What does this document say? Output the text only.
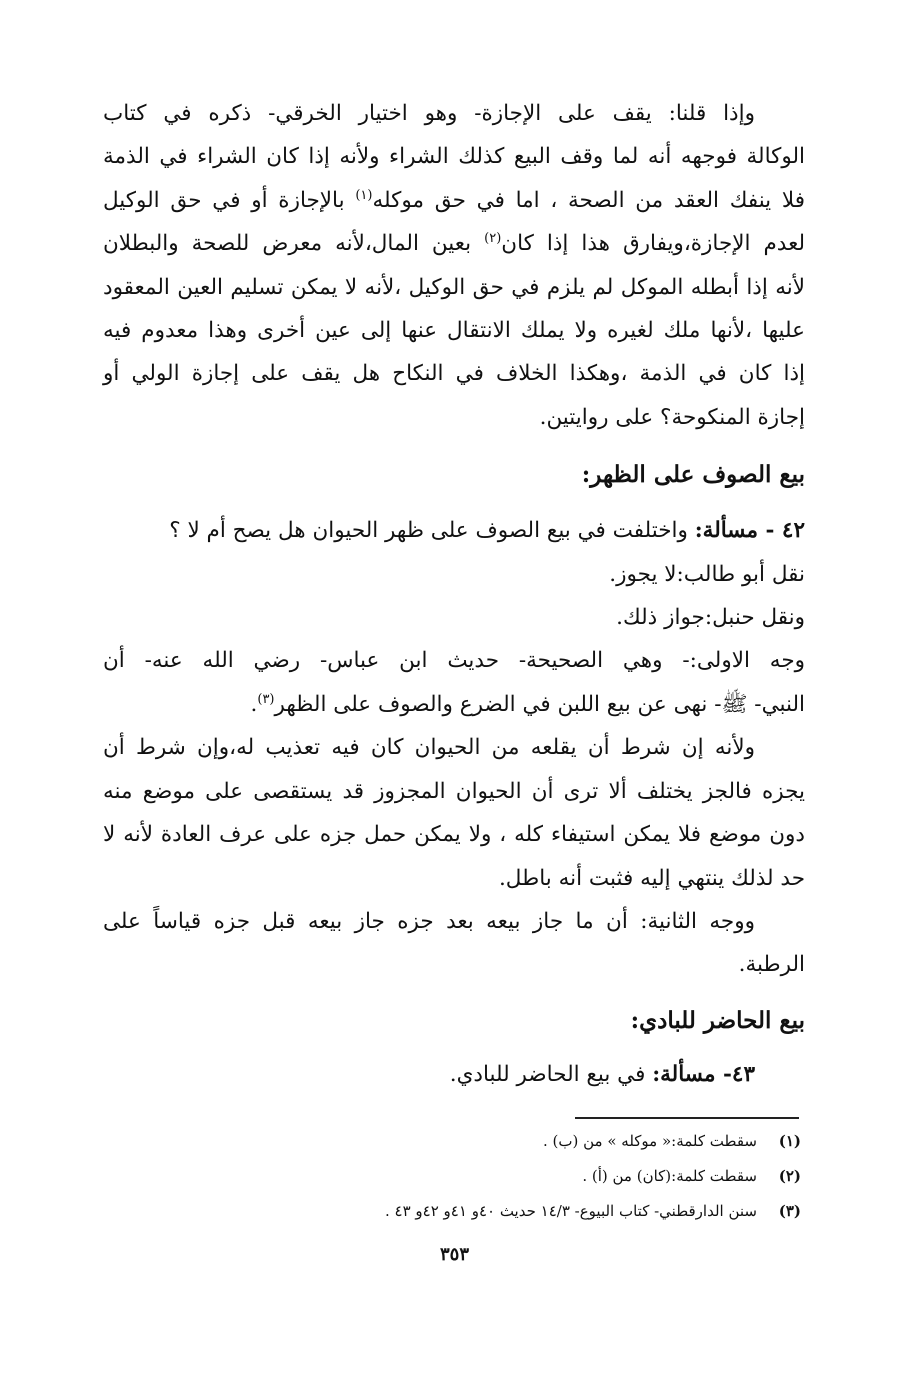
وإذا قلنا: يقف على الإجازة- وهو اختيار الخرقي- ذكره في كتاب
الوكالة فوجهه أنه لما وقف البيع كذلك الشراء ولأنه إذا كان الشراء في الذمة
فلا ينفك العقد من الصحة ، اما في حق موكله$^{(١)}$ بالإجازة أو في حق الوكيل
لعدم الإجازة،ويفارق هذا إذا كان$^{(٢)}$ بعين المال،لأنه معرض للصحة والبطلان
لأنه إذا أبطله الموكل لم يلزم في حق الوكيل ،لأنه لا يمكن تسليم العين المعقود
عليها ،لأنها ملك لغيره ولا يملك الانتقال عنها إلى عين أخرى وهذا معدوم فيه
إذا كان في الذمة ،وهكذا الخلاف في النكاح هل يقف على إجازة الولي أو
إجازة المنكوحة؟ على روايتين.

بيع الصوف على الظهر:

٤٢ - مسألة: واختلفت في بيع الصوف على ظهر الحيوان هل يصح أم لا ؟

نقل أبو طالب:لا يجوز.

ونقل حنبل:جواز ذلك.

وجه الاولى:- وهي الصحيحة- حديث ابن عباس- رضي الله عنه- أن
النبي- ﷺ- نهى عن بيع اللبن في الضرع والصوف على الظهر$^{(٣)}$.

ولأنه إن شرط أن يقلعه من الحيوان كان فيه تعذيب له،وإن شرط أن
يجزه فالجز يختلف ألا ترى أن الحيوان المجزوز قد يستقصى على موضع منه
دون موضع فلا يمكن استيفاء كله ، ولا يمكن حمل جزه على عرف العادة لأنه لا
حد لذلك ينتهي إليه فثبت أنه باطل.

ووجه الثانية: أن ما جاز بيعه بعد جزه جاز بيعه قبل جزه قياساً على
الرطبة.

بيع الحاضر للبادي:

٤٣- مسألة: في بيع الحاضر للبادي.

(١)
سقطت كلمة:« موكله » من (ب) .
(٢)
سقطت كلمة:(كان) من (أ) .
(٣)
سنن الدارقطني- كتاب البيوع- ١٤/٣ حديث ٤٠و ٤١و ٤٢و ٤٣ .
٣٥٣
